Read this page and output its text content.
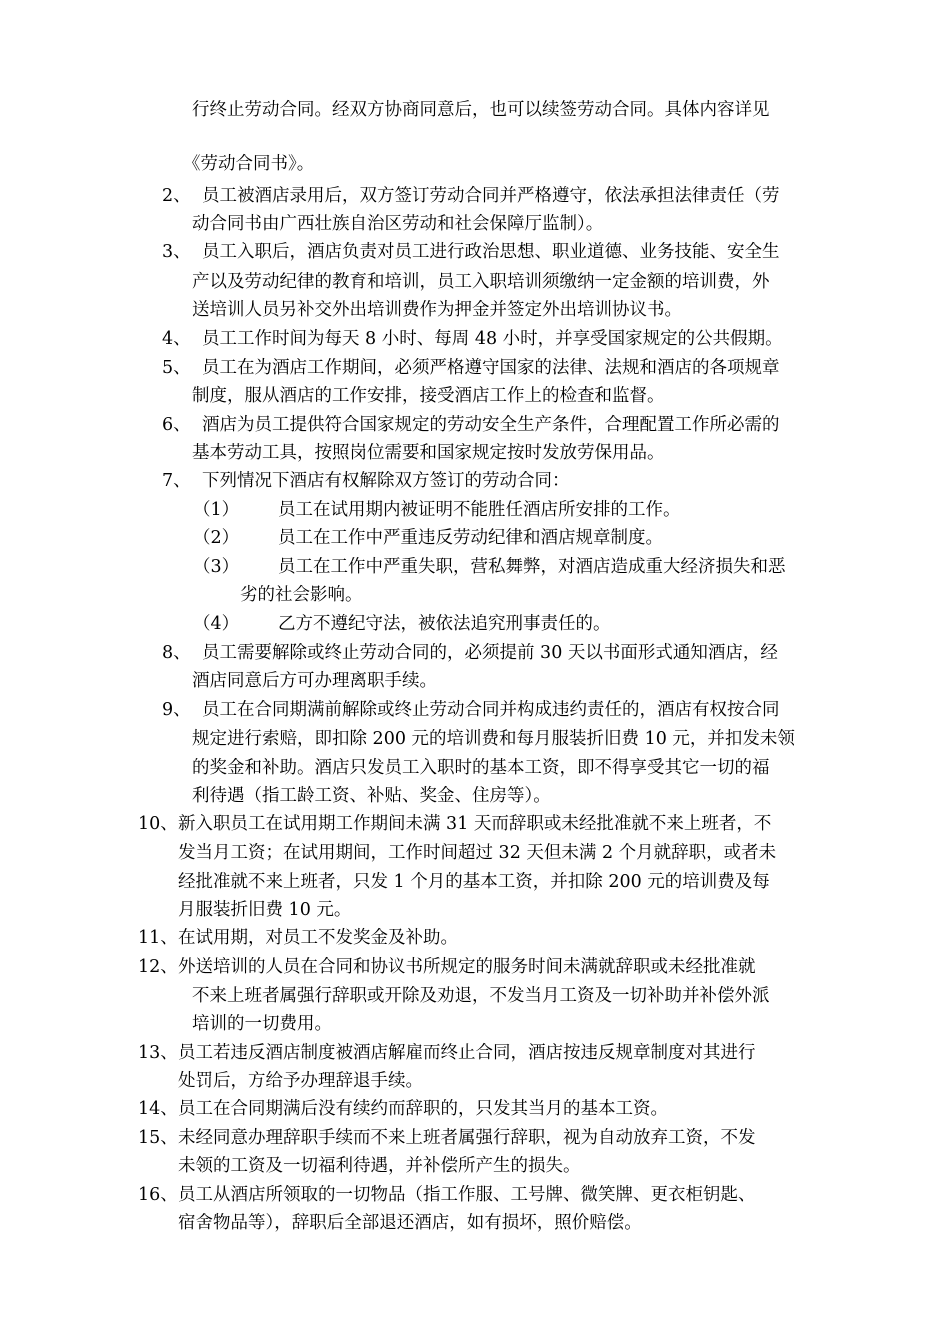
行终止劳动合同。经双方协商同意后，也可以续签劳动合同。具体内容详见
《劳动合同书》。
2、 员工被酒店录用后，双方签订劳动合同并严格遵守，依法承担法律责任（劳
动合同书由广西壮族自治区劳动和社会保障厅监制）。
3、 员工入职后，酒店负责对员工进行政治思想、职业道德、业务技能、安全生
产以及劳动纪律的教育和培训，员工入职培训须缴纳一定金额的培训费，外
送培训人员另补交外出培训费作为押金并签定外出培训协议书。
4、 员工工作时间为每天 8 小时、每周 48 小时，并享受国家规定的公共假期。
5、 员工在为酒店工作期间，必须严格遵守国家的法律、法规和酒店的各项规章
制度，服从酒店的工作安排，接受酒店工作上的检查和监督。
6、 酒店为员工提供符合国家规定的劳动安全生产条件，合理配置工作所必需的
基本劳动工具，按照岗位需要和国家规定按时发放劳保用品。
7、 下列情况下酒店有权解除双方签订的劳动合同：
（1） 员工在试用期内被证明不能胜任酒店所安排的工作。
（2） 员工在工作中严重违反劳动纪律和酒店规章制度。
（3） 员工在工作中严重失职，营私舞弊，对酒店造成重大经济损失和恶
劣的社会影响。
（4） 乙方不遵纪守法，被依法追究刑事责任的。
8、 员工需要解除或终止劳动合同的，必须提前 30 天以书面形式通知酒店，经
酒店同意后方可办理离职手续。
9、 员工在合同期满前解除或终止劳动合同并构成违约责任的，酒店有权按合同
规定进行索赔，即扣除 200 元的培训费和每月服装折旧费 10 元，并扣发未领
的奖金和补助。酒店只发员工入职时的基本工资，即不得享受其它一切的福
利待遇（指工龄工资、补贴、奖金、住房等）。
10、 新入职员工在试用期工作期间未满 31 天而辞职或未经批准就不来上班者，不
发当月工资；在试用期间，工作时间超过 32 天但未满 2 个月就辞职，或者未
经批准就不来上班者，只发 1 个月的基本工资，并扣除 200 元的培训费及每
月服装折旧费 10 元。
11、 在试用期，对员工不发奖金及补助。
12、 外送培训的人员在合同和协议书所规定的服务时间未满就辞职或未经批准就
不来上班者属强行辞职或开除及劝退，不发当月工资及一切补助并补偿外派
培训的一切费用。
13、 员工若违反酒店制度被酒店解雇而终止合同，酒店按违反规章制度对其进行
处罚后，方给予办理辞退手续。
14、 员工在合同期满后没有续约而辞职的，只发其当月的基本工资。
15、 未经同意办理辞职手续而不来上班者属强行辞职，视为自动放弃工资，不发
未领的工资及一切福利待遇，并补偿所产生的损失。
16、 员工从酒店所领取的一切物品（指工作服、工号牌、微笑牌、更衣柜钥匙、
宿舍物品等），辞职后全部退还酒店，如有损坏，照价赔偿。
